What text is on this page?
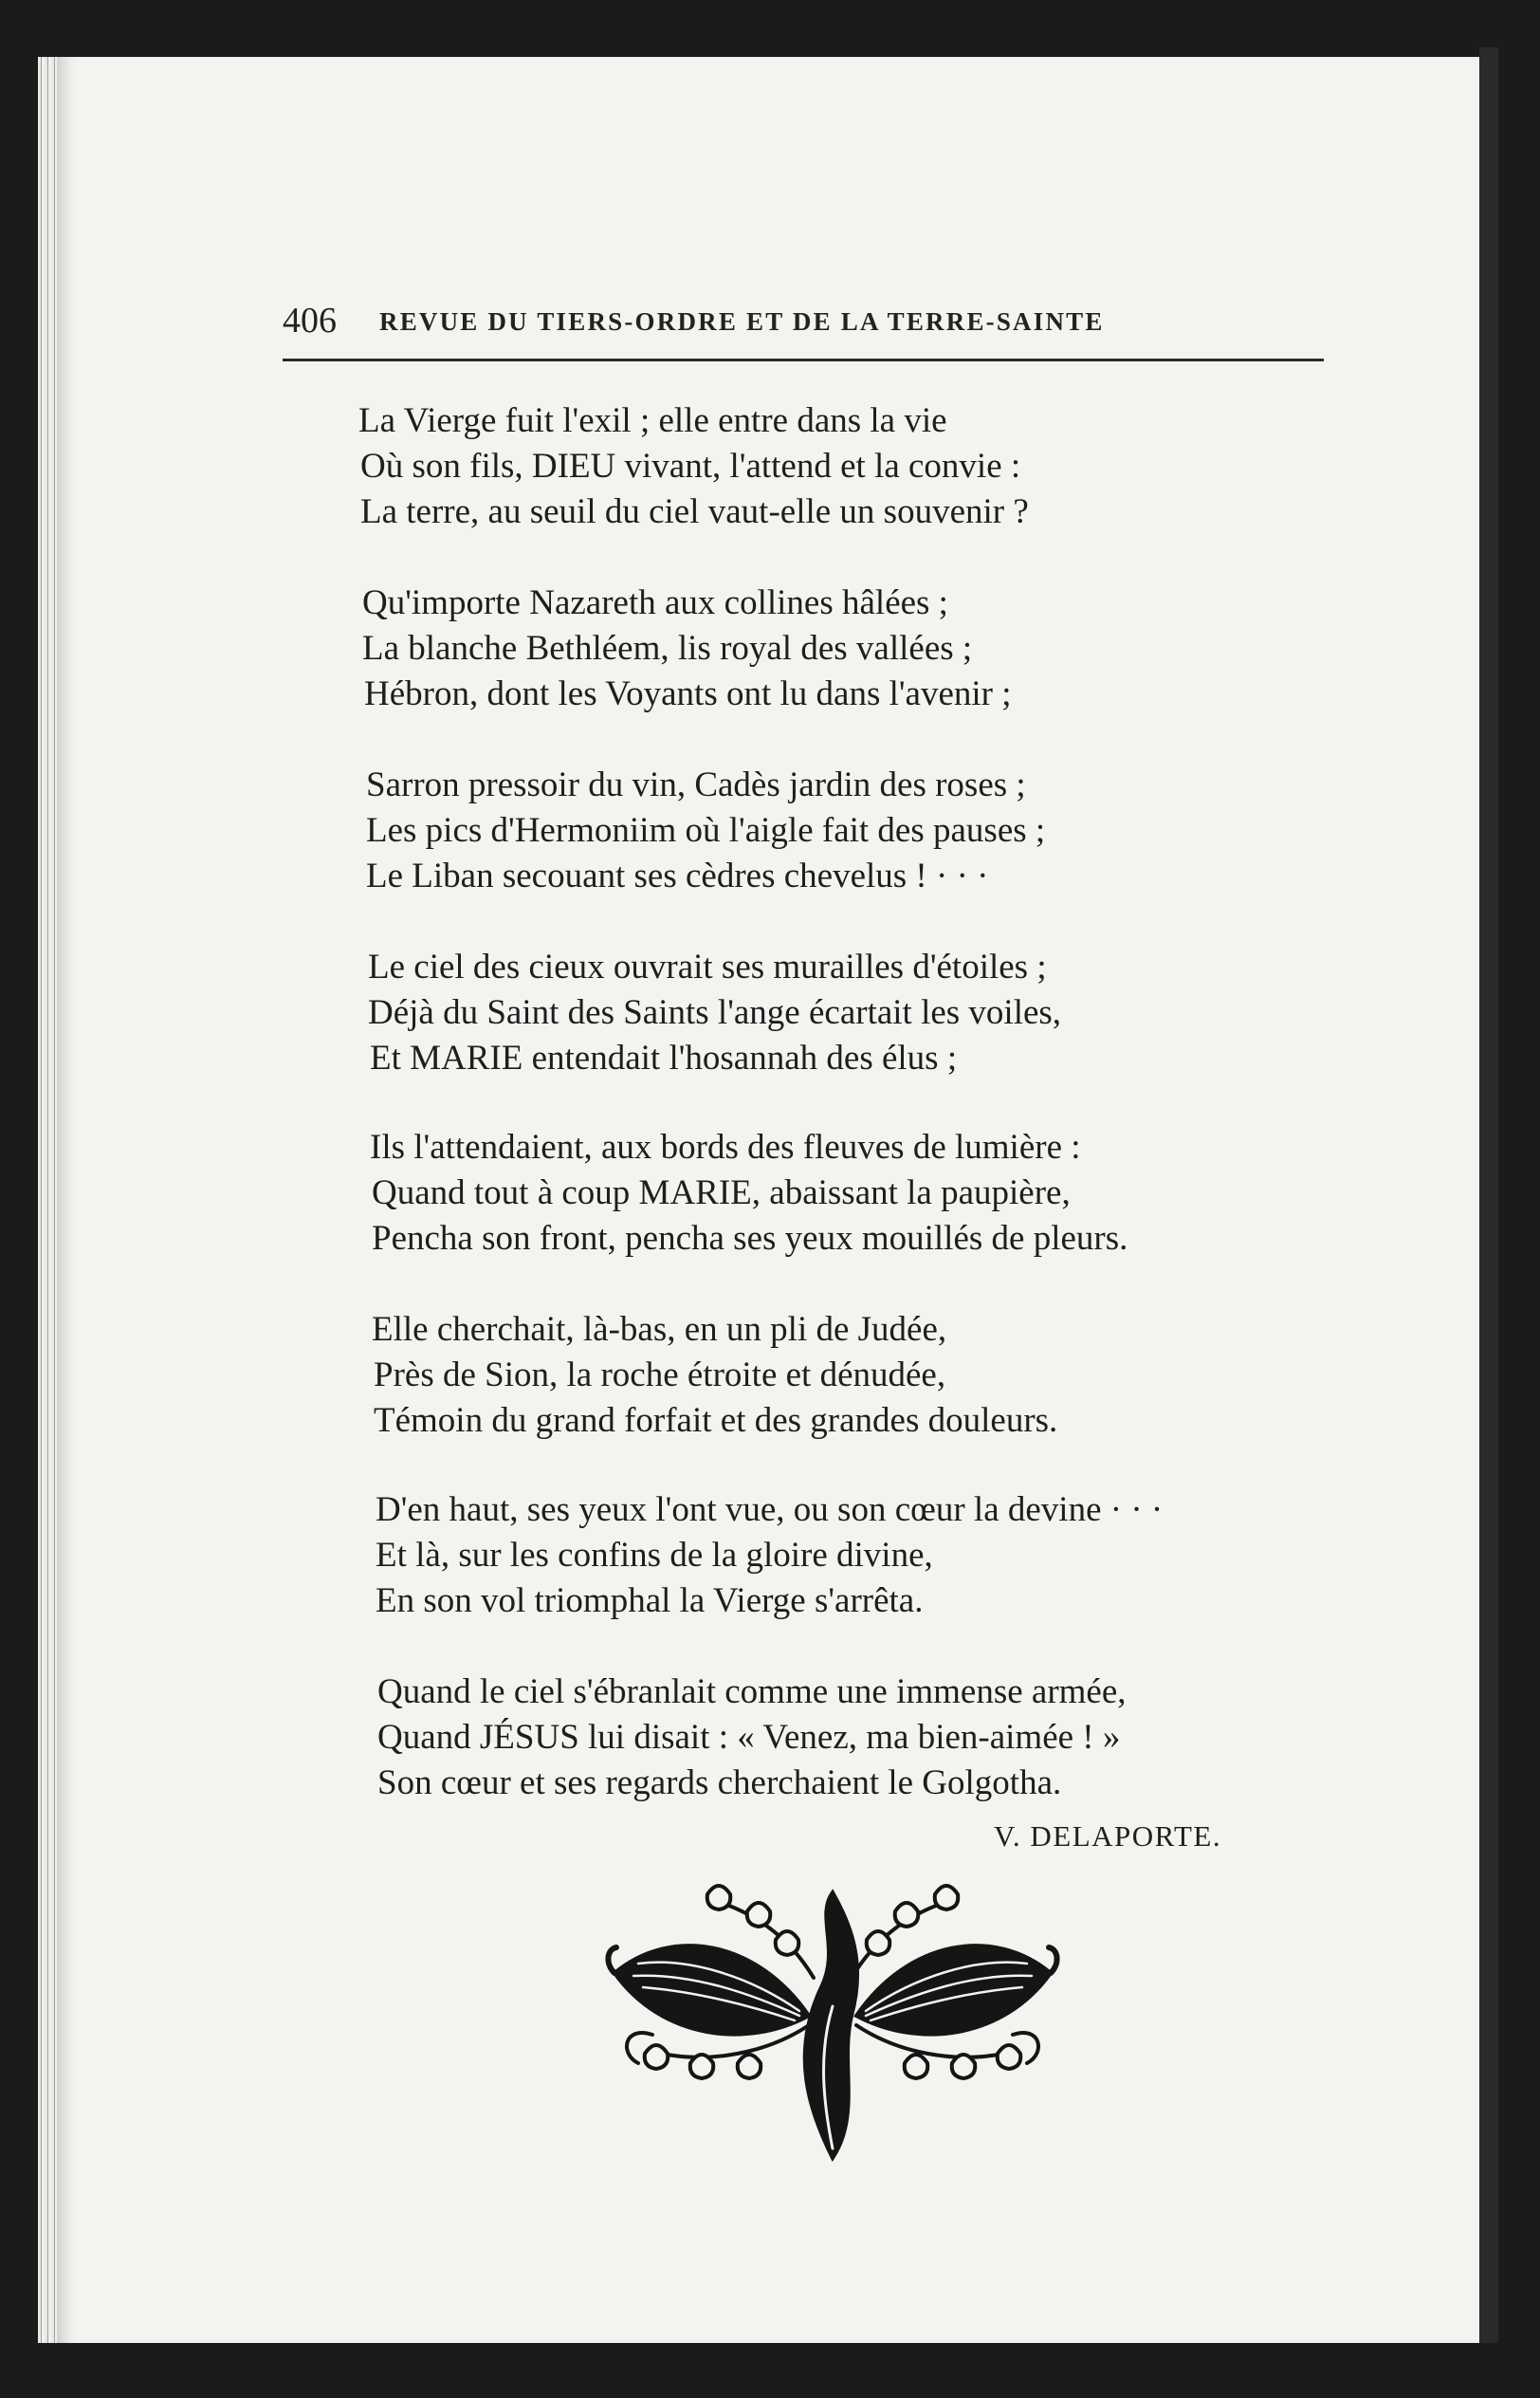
406 REVUE DU TIERS-ORDRE ET DE LA TERRE-SAINTE
La Vierge fuit l'exil ; elle entre dans la vie
Où son fils, DIEU vivant, l'attend et la convie :
La terre, au seuil du ciel vaut-elle un souvenir ?
Qu'importe Nazareth aux collines hâlées ;
La blanche Bethléem, lis royal des vallées ;
Hébron, dont les Voyants ont lu dans l'avenir ;
Sarron pressoir du vin, Cadès jardin des roses ;
Les pics d'Hermoniim où l'aigle fait des pauses ;
Le Liban secouant ses cèdres chevelus ! · · ·
Le ciel des cieux ouvrait ses murailles d'étoiles ;
Déjà du Saint des Saints l'ange écartait les voiles,
Et MARIE entendait l'hosannah des élus ;
Ils l'attendaient, aux bords des fleuves de lumière :
Quand tout à coup MARIE, abaissant la paupière,
Pencha son front, pencha ses yeux mouillés de pleurs.
Elle cherchait, là-bas, en un pli de Judée,
Près de Sion, la roche étroite et dénudée,
Témoin du grand forfait et des grandes douleurs.
D'en haut, ses yeux l'ont vue, ou son cœur la devine · · ·
Et là, sur les confins de la gloire divine,
En son vol triomphal la Vierge s'arrêta.
Quand le ciel s'ébranlait comme une immense armée,
Quand JÉSUS lui disait : « Venez, ma bien-aimée ! »
Son cœur et ses regards cherchaient le Golgotha.
V. DELAPORTE.
